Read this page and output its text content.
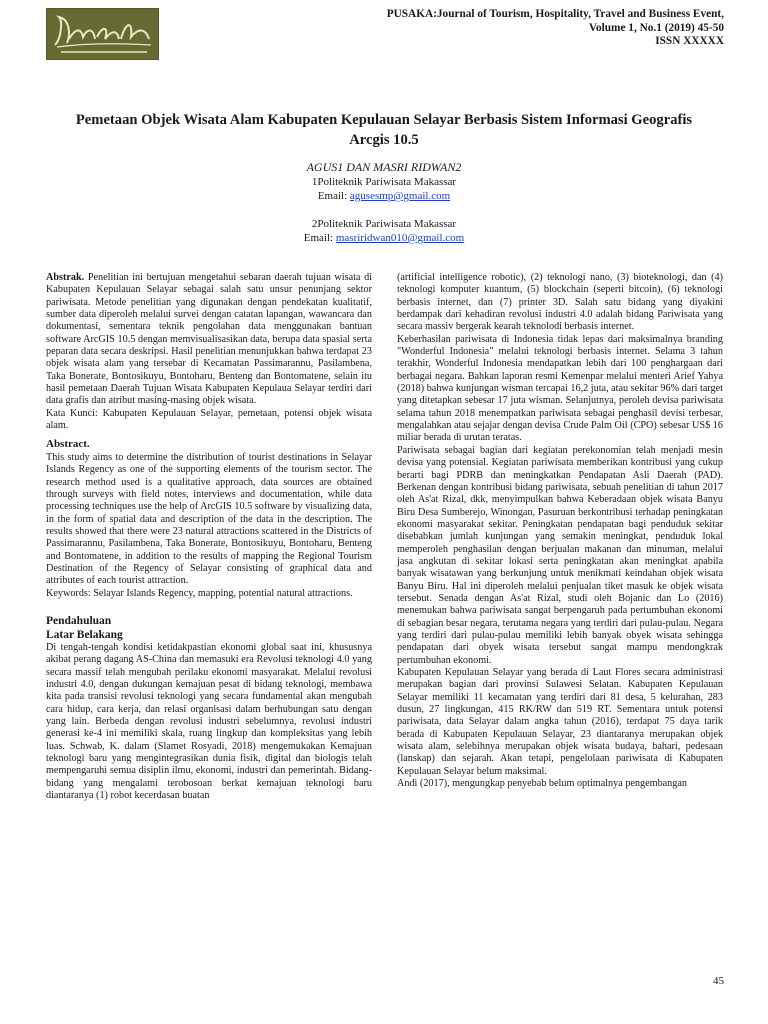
PUSAKA:Journal of Tourism, Hospitality, Travel and Business Event,
Volume 1, No.1 (2019) 45-50
ISSN XXXXX
Pemetaan Objek Wisata Alam Kabupaten Kepulauan Selayar Berbasis Sistem Informasi Geografis Arcgis 10.5
AGUS1 DAN MASRI RIDWAN2
1Politeknik Pariwisata Makassar
Email: agusesmp@gmail.com
2Politeknik Pariwisata Makassar
Email: masriridwan010@gmail.com

Abstrak. Penelitian ini bertujuan mengetahui sebaran daerah tujuan wisata di Kabupaten Kepulauan Selayar sebagai salah satu unsur penunjang sektor pariwisata. Metode penelitian yang digunakan dengan pendekatan kualitatif, sumber data diperoleh melalui survei dengan catatan lapangan, wawancara dan dokumentasi, sementara teknik pengolahan data menggunakan bantuan software ArcGIS 10.5 dengan memvisualisasikan data, berupa data spasial serta peparan data secara deskripsi. Hasil penelitian menunjukkan bahwa terdapat 23 objek wisata alam yang tersebar di Kecamatan Passimarannu, Pasilambena, Taka Bonerate, Bontosikuyu, Bontoharu, Benteng dan Bontomatene, selain itu hasil pemetaan Daerah Tujuan Wisata Kabupaten Kepulaua Selayar terdiri dari data grafis dan atribut masing-masing objek wisata.

Kata Kunci: Kabupaten Kepulauan Selayar, pemetaan, potensi objek wisata alam.

Abstract.

This study aims to determine the distribution of tourist destinations in Selayar Islands Regency as one of the supporting elements of the tourism sector. The research method used is a qualitative approach, data sources are obtained through surveys with field notes, interviews and documentation, while data processing techniques use the help of ArcGIS 10.5 software by visualizing data, in the form of spatial data and description of the data in the description. The results showed that there were 23 natural attractions scattered in the Districts of Passimarannu, Pasilambena, Taka Bonerate, Bontosikuyu, Bontoharu, Benteng and Bontomatene, in addition to the results of mapping the Regional Tourism Destination of the Regency of Selayar consisting of graphical data and attributes of each tourist attraction.

Keywords: Selayar Islands Regency, mapping, potential natural attractions.

Pendahuluan
Latar Belakang

Di tengah-tengah kondisi ketidakpastian ekonomi global saat ini, khususnya akibat perang dagang AS-China dan memasuki era Revolusi teknologi 4.0 yang secara massif telah mengubah perilaku ekonomi masyarakat. Melalui revolusi industri 4.0, dengan dukungan kemajuan pesat di bidang teknologi, membawa kita pada transisi revolusi teknologi yang secara fundamental akan mengubah cara hidup, cara kerja, dan relasi organisasi dalam berhubungan satu dengan yang lain. Berbeda dengan revolusi industri sebelumnya, revolusi industri generasi ke-4 ini memiliki skala, ruang lingkup dan kompleksitas yang lebih luas. Schwab, K. dalam (Slamet Rosyadi, 2018) mengemukakan Kemajuan teknologi baru yang mengintegrasikan dunia fisik, digital dan biologis telah mempengaruhi semua disiplin ilmu, ekonomi, industri dan pemerintah. Bidang-bidang yang mengalami terobosoan berkat kemajuan teknologi baru diantaranya (1) robot kecerdasan buatan

(artificial intelligence robotic), (2) teknologi nano, (3) bioteknologi, dan (4) teknologi komputer kuantum, (5) blockchain (seperti bitcoin), (6) teknologi berbasis internet, dan (7) printer 3D. Salah satu bidang yang diyakini berdampak dari kehadiran revolusi industri 4.0 adalah bidang Pariwisata yang secara massiv bergerak kearah teknolodi berbasis internet.

Keberhasilan pariwisata di Indonesia tidak lepas dari maksimalnya branding "Wonderful Indonesia" melalui teknologi berbasis internet. Selama 3 tahun terakhir, Wonderful Indonesia mendapatkan lebih dari 100 penghargaan dari berbagai negara. Bahkan laporan resmi Kemenpar melalui menteri Arief Yahya (2018) bahwa kunjungan wisman tercapai 16,2 juta, atau sekitar 96% dari target yang ditetapkan sebesar 17 juta wisman. Selanjutnya, peroleh devisa pariwisata selama tahun 2018 menempatkan pariwisata sebagai penghasil devisi terbesar, mengalahkan atau sejajar dengan devisa Crude Palm Oil (CPO) sebesar US$ 16 miliar berada di urutan teratas.

Pariwisata sebagai bagian dari kegiatan perekonomian telah menjadi mesin devisa yang potensial. Kegiatan pariwisata memberikan kontribusi yang cukup berarti bagi PDRB dan meningkatkan Pendapatan Asli Daerah (PAD). Berkenan dengan kontribusi bidang pariwisata, sebuah penelitian di tahun 2017 oleh As'at Rizal, dkk, menyimpulkan bahwa Keberadaan objek wisata Banyu Biru Desa Sumberejo, Winongan, Pasuruan berkontribusi terhadap peningkatan ekonomi masyarakat sekitar. Peningkatan pendapatan bagi penduduk sekitar disebabkan jumlah kunjungan yang semakin meningkat, penduduk lokal memperoleh penghasilan dengan berjualan makanan dan minuman, melalui jasa angkutan di sekitar lokasi serta peningkatan akan meningkat apabila banyak wisatawan yang berkunjung untuk menikmati keindahan objek wisata Banyu Biru. Hal ini diperoleh melalui penjualan tiket masuk ke objek wisata tersebut. Senada dengan As'at Rizal, studi oleh Bojanic dan Lo (2016) menemukan bahwa pariwisata sangat berpengaruh pada pertumbuhan ekonomi di sebagian besar negara, terutama negara yang terdiri dari pulau-pulau. Negara yang terdiri dari pulau-pulau memiliki lebih banyak obyek wisata sehingga pendapatan dari obyek wisata tersebut sangat mampu mendongkrak pertumbuhan ekonomi.

Kabupaten Kepulauan Selayar yang berada di Laut Flores secara administrasi merupakan bagian dari provinsi Sulawesi Selatan. Kabupaten Kepulauan Selayar memiliki 11 kecamatan yang terdiri dari 81 desa, 5 kelurahan, 283 dusun, 27 lingkungan, 415 RK/RW dan 519 RT. Sementara untuk potensi pariwisata, data Selayar dalam angka tahun (2016), terdapat 75 daya tarik berada di Kabupaten Kepulauan Selayar, 23 diantaranya merupakan objek wisata alam, selebihnya merupakan objek wisata budaya, bahari, pedesaan (lanskap) dan sejarah. Akan tetapi, pengelolaan pariwisata di Kabupaten Kepulauan Selayar belum maksimal.

Andi (2017), mengungkap penyebab belum optimalnya pengembangan

45
